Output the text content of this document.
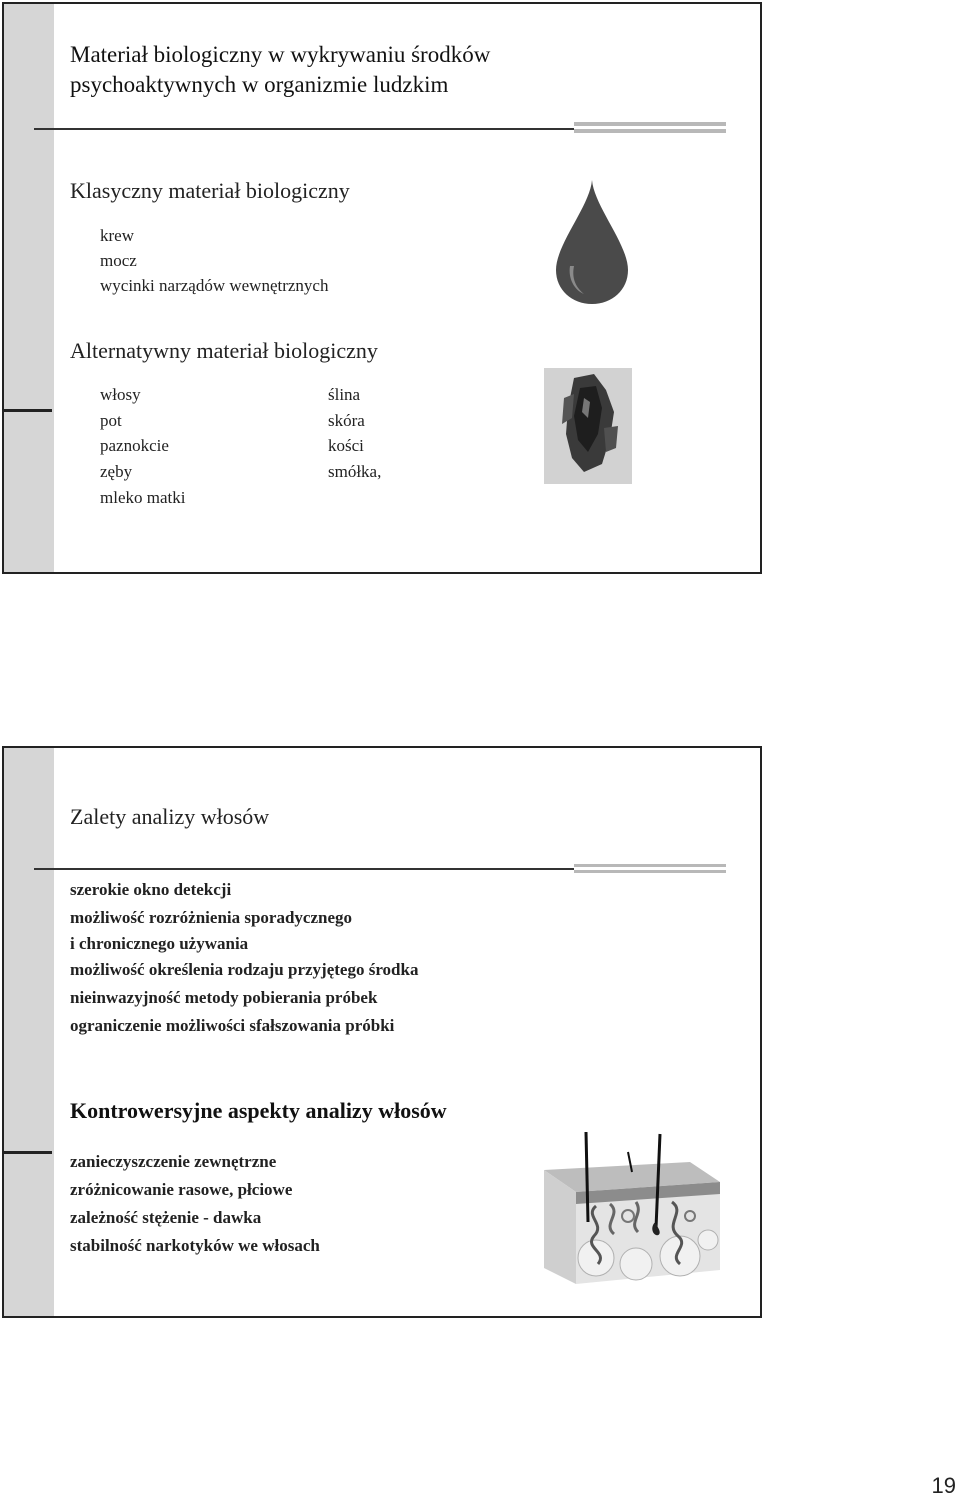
Materiał biologiczny w wykrywaniu środków
psychoaktywnych w organizmie ludzkim
Klasyczny materiał biologiczny
krew
mocz
wycinki narządów wewnętrznych
Alternatywny materiał biologiczny
włosy
pot
paznokcie
zęby
mleko matki
ślina
skóra
kości
smółka,
Zalety analizy włosów
szerokie okno detekcji
możliwość rozróżnienia sporadycznego
i chronicznego używania
możliwość określenia rodzaju przyjętego środka
nieinwazyjność metody pobierania próbek
ograniczenie możliwości sfałszowania próbki
Kontrowersyjne aspekty analizy włosów
zanieczyszczenie zewnętrzne
zróżnicowanie rasowe, płciowe
zależność stężenie - dawka
stabilność narkotyków we włosach
19
